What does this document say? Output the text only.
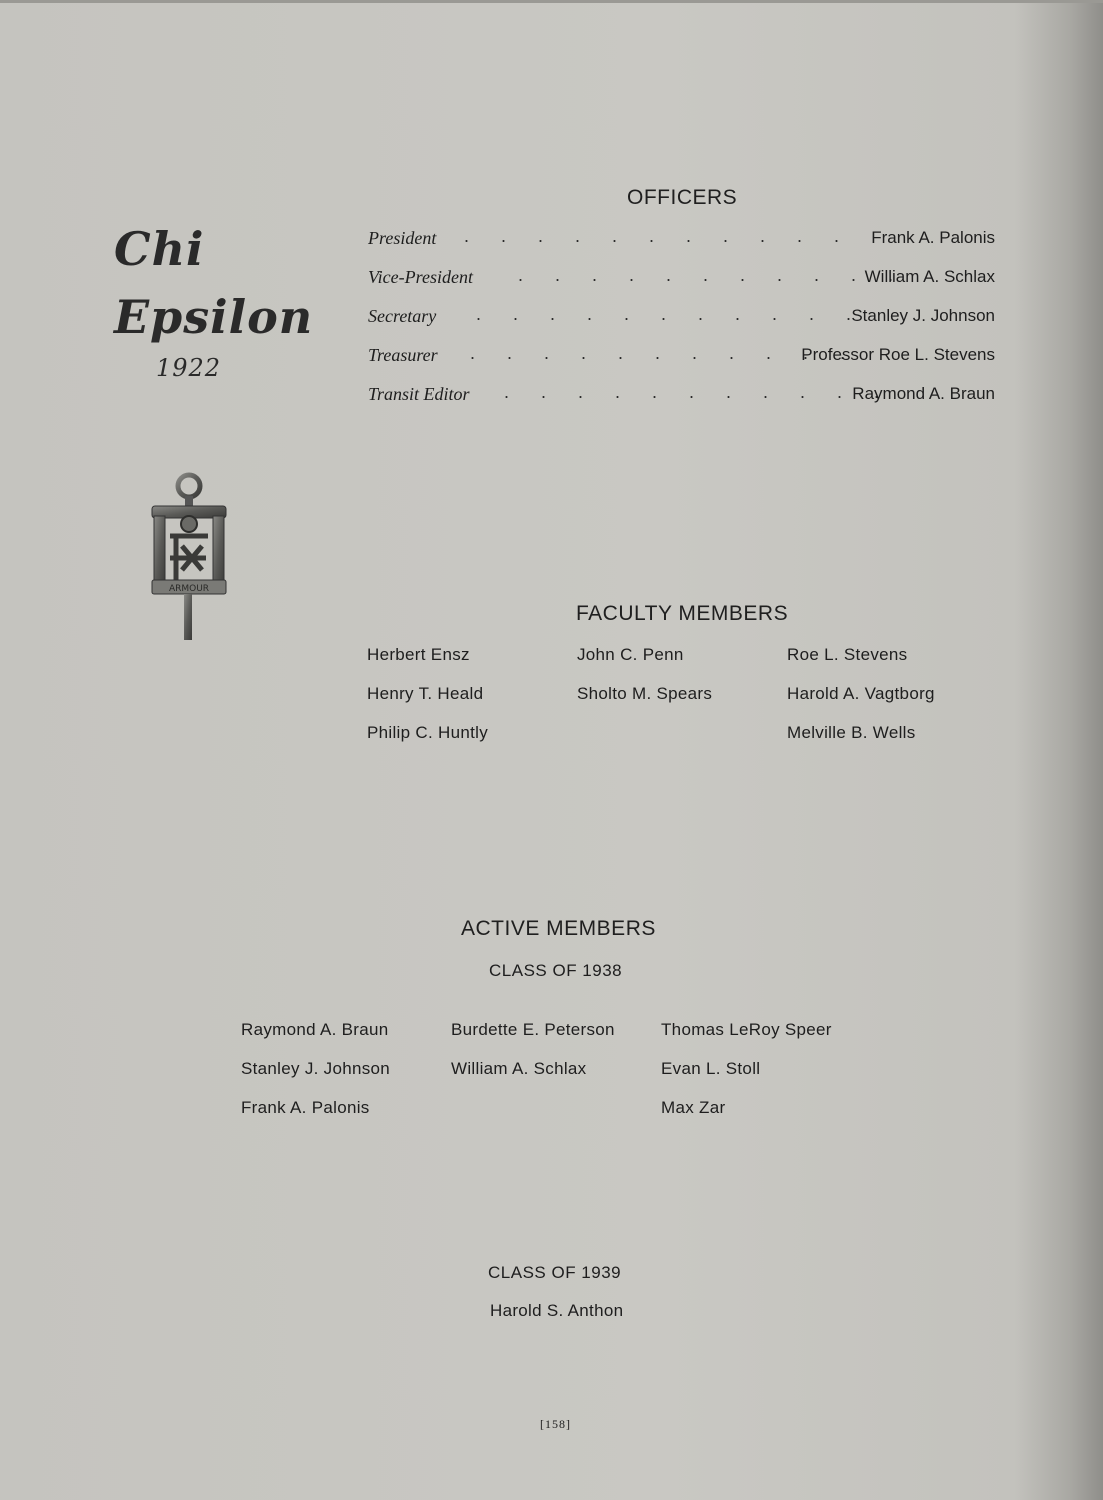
Chi
Epsilon
1922
ARMOUR
OFFICERS
President . . . . . . . . . . .	Frank A. Palonis
Vice-President	. . . . . . . . . . .
William A. Schlax
Secretary . . . . . . . . . . . Stanley J. Johnson
Treasurer . . . . . . . . . . .
Professor Roe L. Stevens
Transit Editor . . . . . . . . . . .
Raymond A. Braun
FACULTY MEMBERS
Herbert Ensz
Henry T. Heald
Philip C. Huntly
John C. Penn
Sholto M. Spears
Roe L. Stevens
Harold A. Vagtborg
Melville B. Wells
ACTIVE MEMBERS
CLASS OF 1938
Raymond A. Braun
Stanley J. Johnson
Frank A. Palonis
Burdette E. Peterson
William A. Schlax
Thomas LeRoy Speer
Evan L. Stoll
Max Zar
CLASS OF 1939
Harold S. Anthon
[158]
